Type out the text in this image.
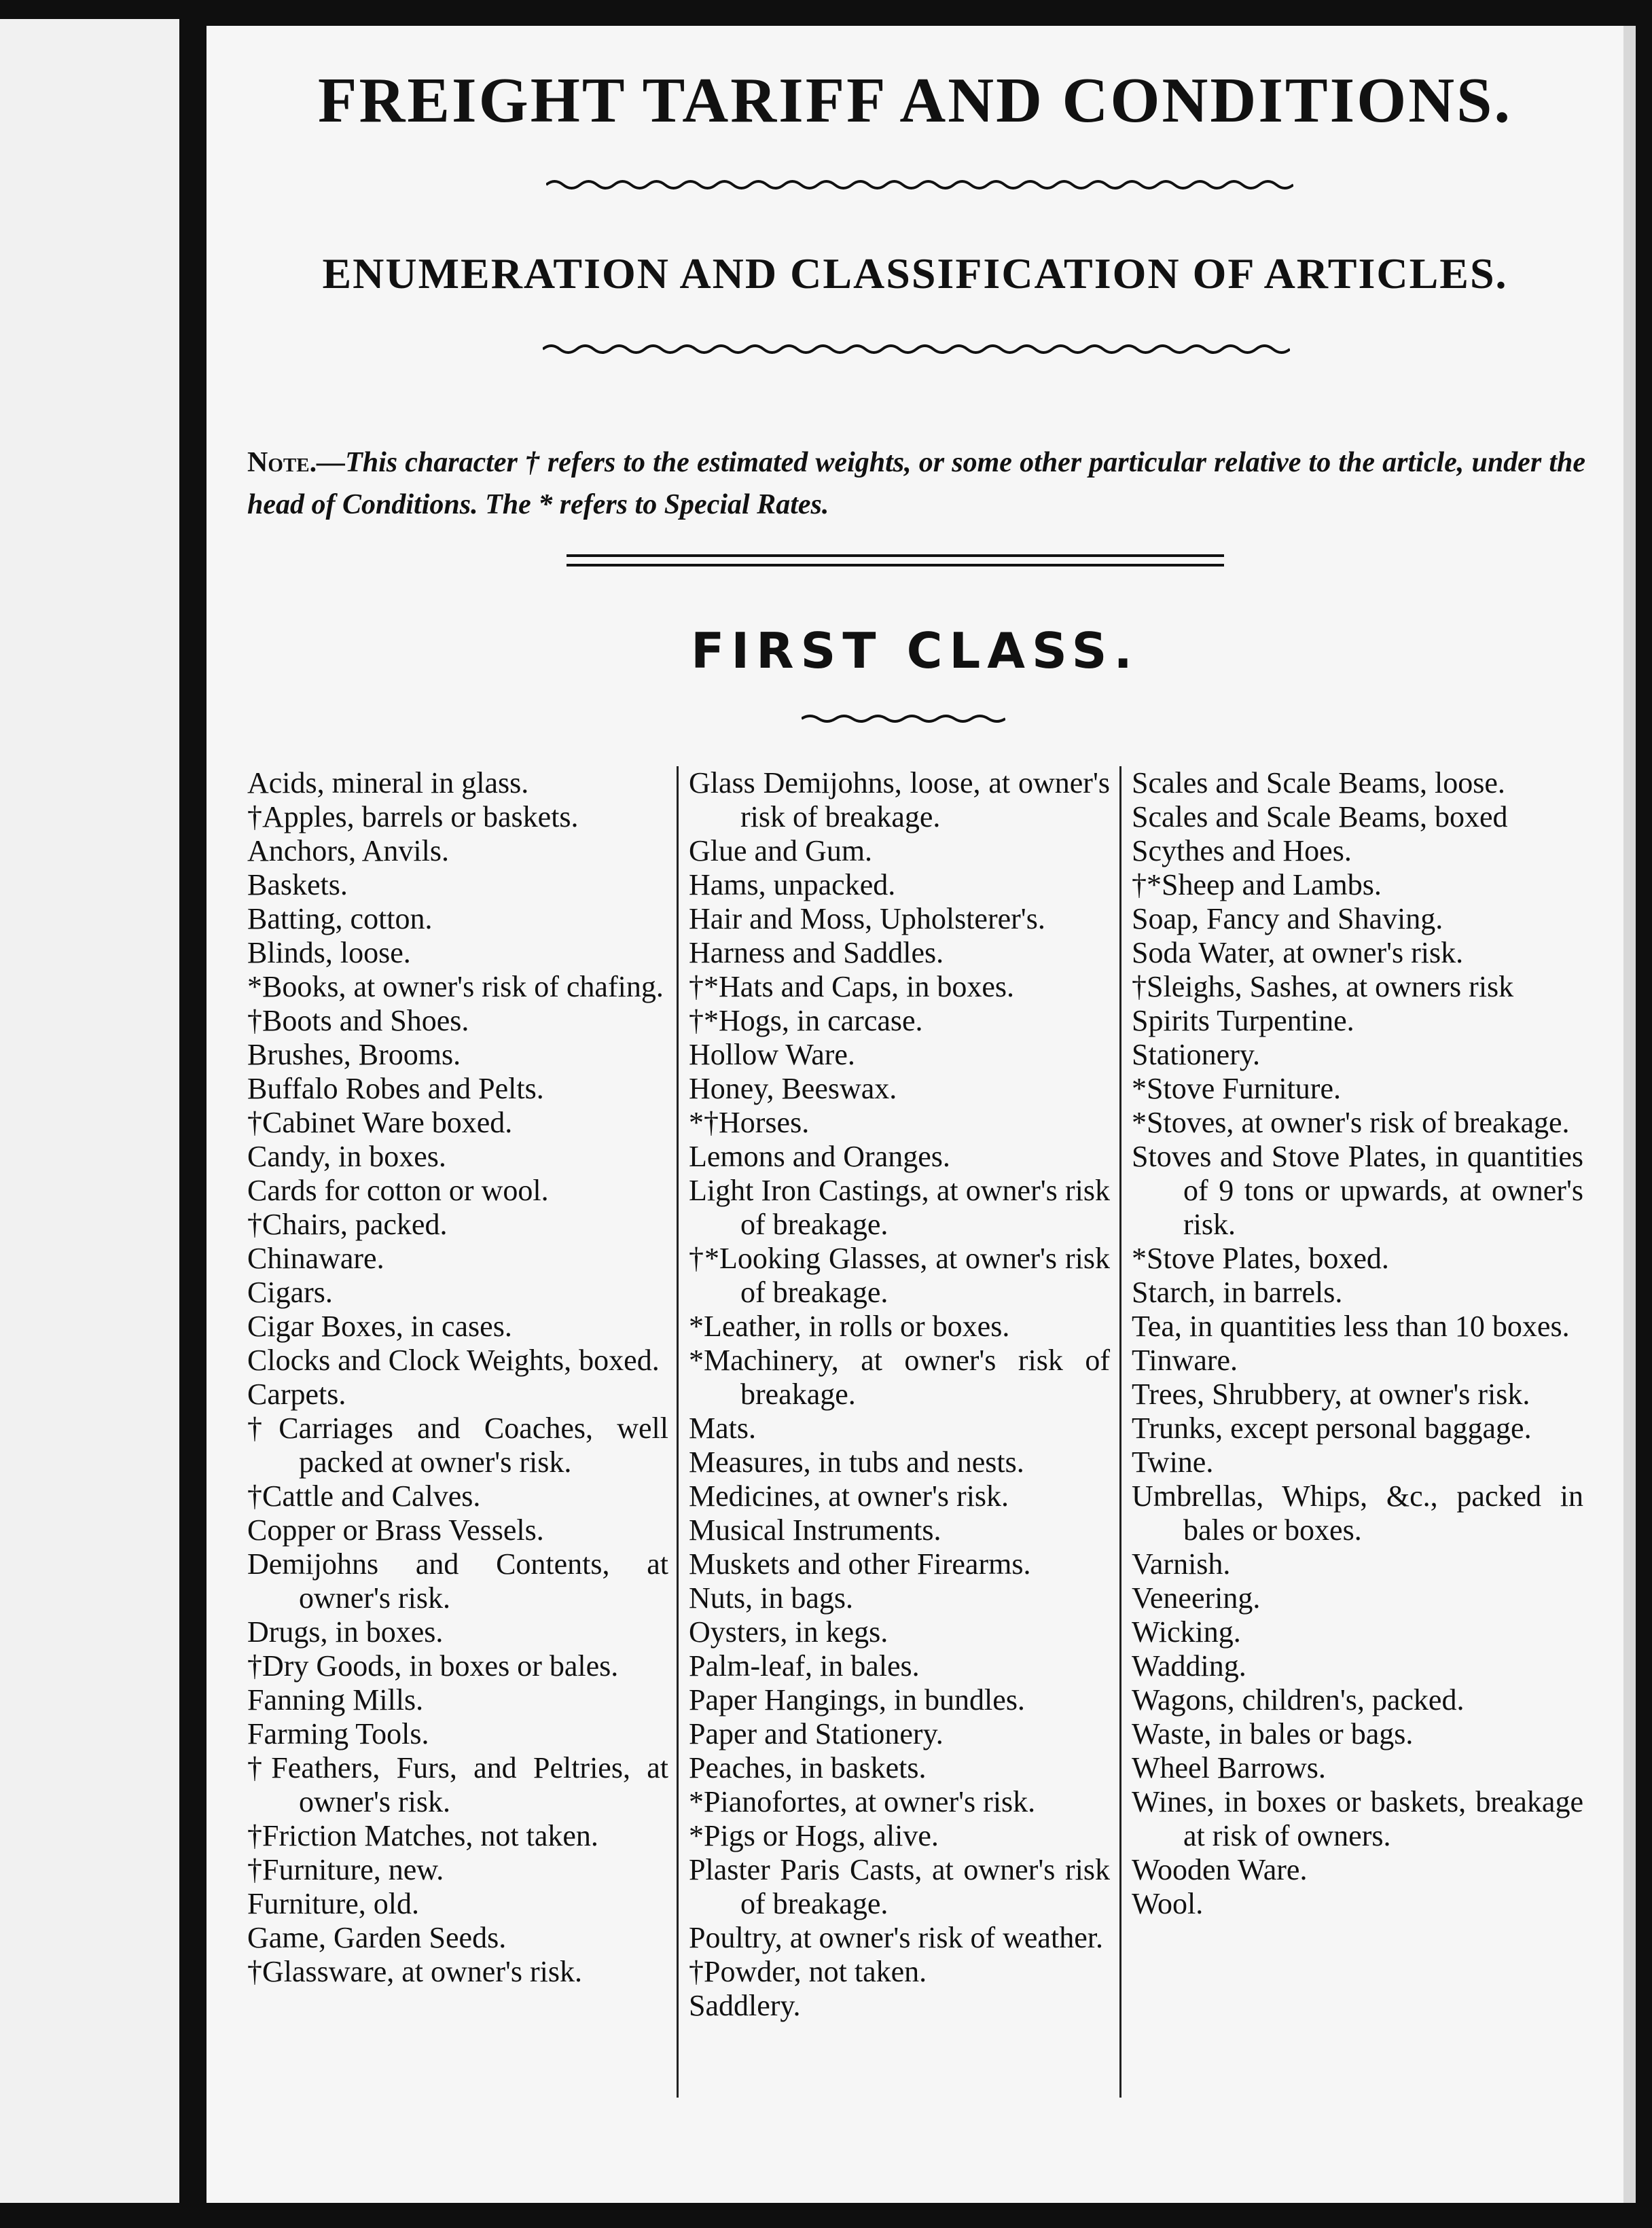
FREIGHT TARIFF AND CONDITIONS.
ENUMERATION AND CLASSIFICATION OF ARTICLES.

Note.—This character † refers to the estimated weights, or some other particular relative to the article, under the head of Conditions. The * refers to Special Rates.

FIRST CLASS.
Acids, mineral in glass.
†Apples, barrels or baskets.
Anchors, Anvils.
Baskets.
Batting, cotton.
Blinds, loose.
*Books, at owner's risk of chafing.
†Boots and Shoes.
Brushes, Brooms.
Buffalo Robes and Pelts.
†Cabinet Ware boxed.
Candy, in boxes.
Cards for cotton or wool.
†Chairs, packed.
Chinaware.
Cigars.
Cigar Boxes, in cases.
Clocks and Clock Weights, boxed.
Carpets.
†Carriages and Coaches, well packed at owner's risk.
†Cattle and Calves.
Copper or Brass Vessels.
Demijohns and Contents, at owner's risk.
Drugs, in boxes.
†Dry Goods, in boxes or bales.
Fanning Mills.
Farming Tools.
†Feathers, Furs, and Peltries, at owner's risk.
†Friction Matches, not taken.
†Furniture, new.
Furniture, old.
Game, Garden Seeds.
†Glassware, at owner's risk.
Glass Demijohns, loose, at owner's risk of breakage.
Glue and Gum.
Hams, unpacked.
Hair and Moss, Upholsterer's.
Harness and Saddles.
†*Hats and Caps, in boxes.
†*Hogs, in carcase.
Hollow Ware.
Honey, Beeswax.
*†Horses.
Lemons and Oranges.
Light Iron Castings, at owner's risk of breakage.
†*Looking Glasses, at owner's risk of breakage.
*Leather, in rolls or boxes.
*Machinery, at owner's risk of breakage.
Mats.
Measures, in tubs and nests.
Medicines, at owner's risk.
Musical Instruments.
Muskets and other Firearms.
Nuts, in bags.
Oysters, in kegs.
Palm-leaf, in bales.
Paper Hangings, in bundles.
Paper and Stationery.
Peaches, in baskets.
*Pianofortes, at owner's risk.
*Pigs or Hogs, alive.
Plaster Paris Casts, at owner's risk of breakage.
Poultry, at owner's risk of weather.
†Powder, not taken.
Saddlery.
Scales and Scale Beams, loose.
Scales and Scale Beams, boxed
Scythes and Hoes.
†*Sheep and Lambs.
Soap, Fancy and Shaving.
Soda Water, at owner's risk.
†Sleighs, Sashes, at owners risk
Spirits Turpentine.
Stationery.
*Stove Furniture.
*Stoves, at owner's risk of breakage.
Stoves and Stove Plates, in quantities of 9 tons or upwards, at owner's risk.
*Stove Plates, boxed.
Starch, in barrels.
Tea, in quantities less than 10 boxes.
Tinware.
Trees, Shrubbery, at owner's risk.
Trunks, except personal baggage.
Twine.
Umbrellas, Whips, &c., packed in bales or boxes.
Varnish.
Veneering.
Wicking.
Wadding.
Wagons, children's, packed.
Waste, in bales or bags.
Wheel Barrows.
Wines, in boxes or baskets, breakage at risk of owners.
Wooden Ware.
Wool.
